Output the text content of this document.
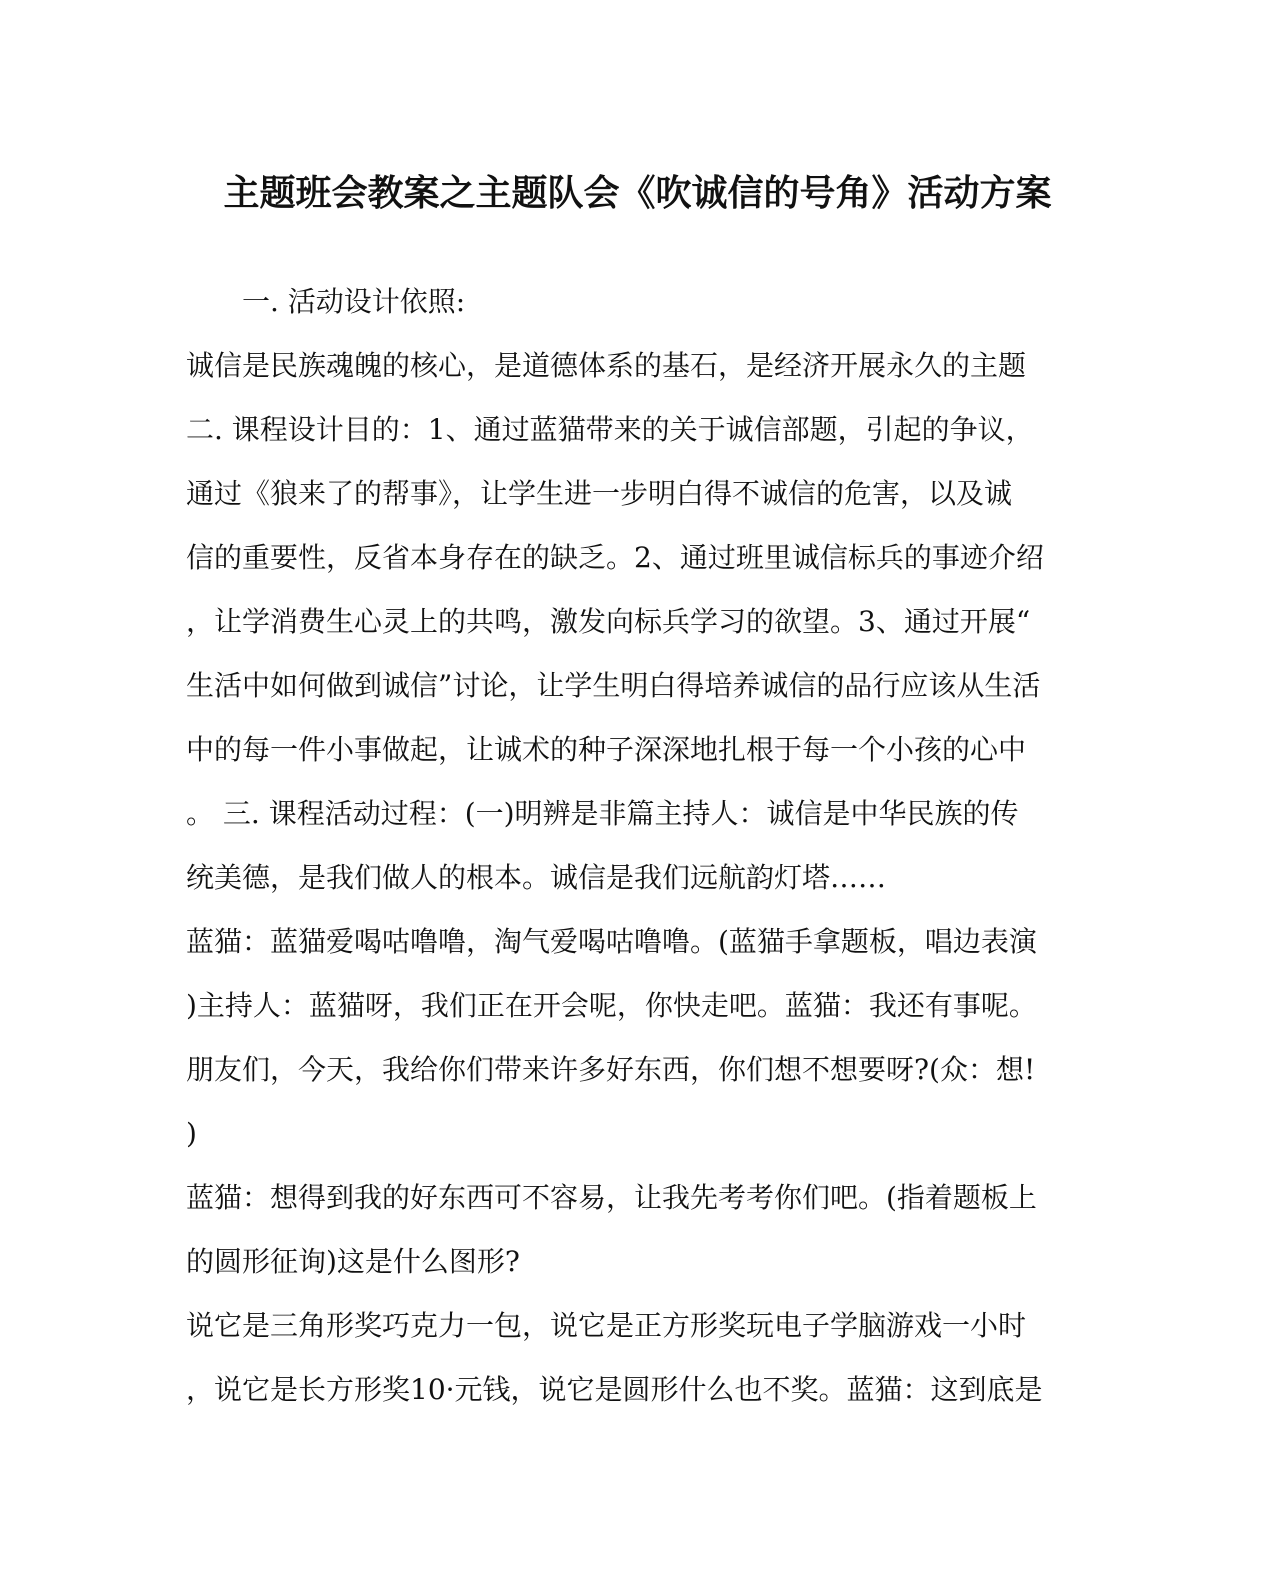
主题班会教案之主题队会《吹诚信的号角》活动方案
一. 活动设计依照:
诚信是民族魂魄的核心，是道德体系的基石，是经济开展永久的主题
二. 课程设计目的：1、通过蓝猫带来的关于诚信部题，引起的争议，
通过《狼来了的帮事》，让学生进一步明白得不诚信的危害，以及诚
信的重要性，反省本身存在的缺乏。2、通过班里诚信标兵的事迹介绍
，让学消费生心灵上的共鸣，激发向标兵学习的欲望。3、通过开展“
生活中如何做到诚信”讨论，让学生明白得培养诚信的品行应该从生活
中的每一件小事做起，让诚术的种子深深地扎根于每一个小孩的心中
。 三. 课程活动过程：(一)明辨是非篇主持人：诚信是中华民族的传
统美德，是我们做人的根本。诚信是我们远航韵灯塔……
蓝猫：蓝猫爱喝咕噜噜，淘气爱喝咕噜噜。(蓝猫手拿题板，唱边表演
)主持人：蓝猫呀，我们正在开会呢，你快走吧。蓝猫：我还有事呢。
朋友们，今天，我给你们带来许多好东西，你们想不想要呀?(众：想!
)
蓝猫：想得到我的好东西可不容易，让我先考考你们吧。(指着题板上
的圆形征询)这是什么图形?
说它是三角形奖巧克力一包，说它是正方形奖玩电子学脑游戏一小时
，说它是长方形奖10·元钱，说它是圆形什么也不奖。蓝猫：这到底是
